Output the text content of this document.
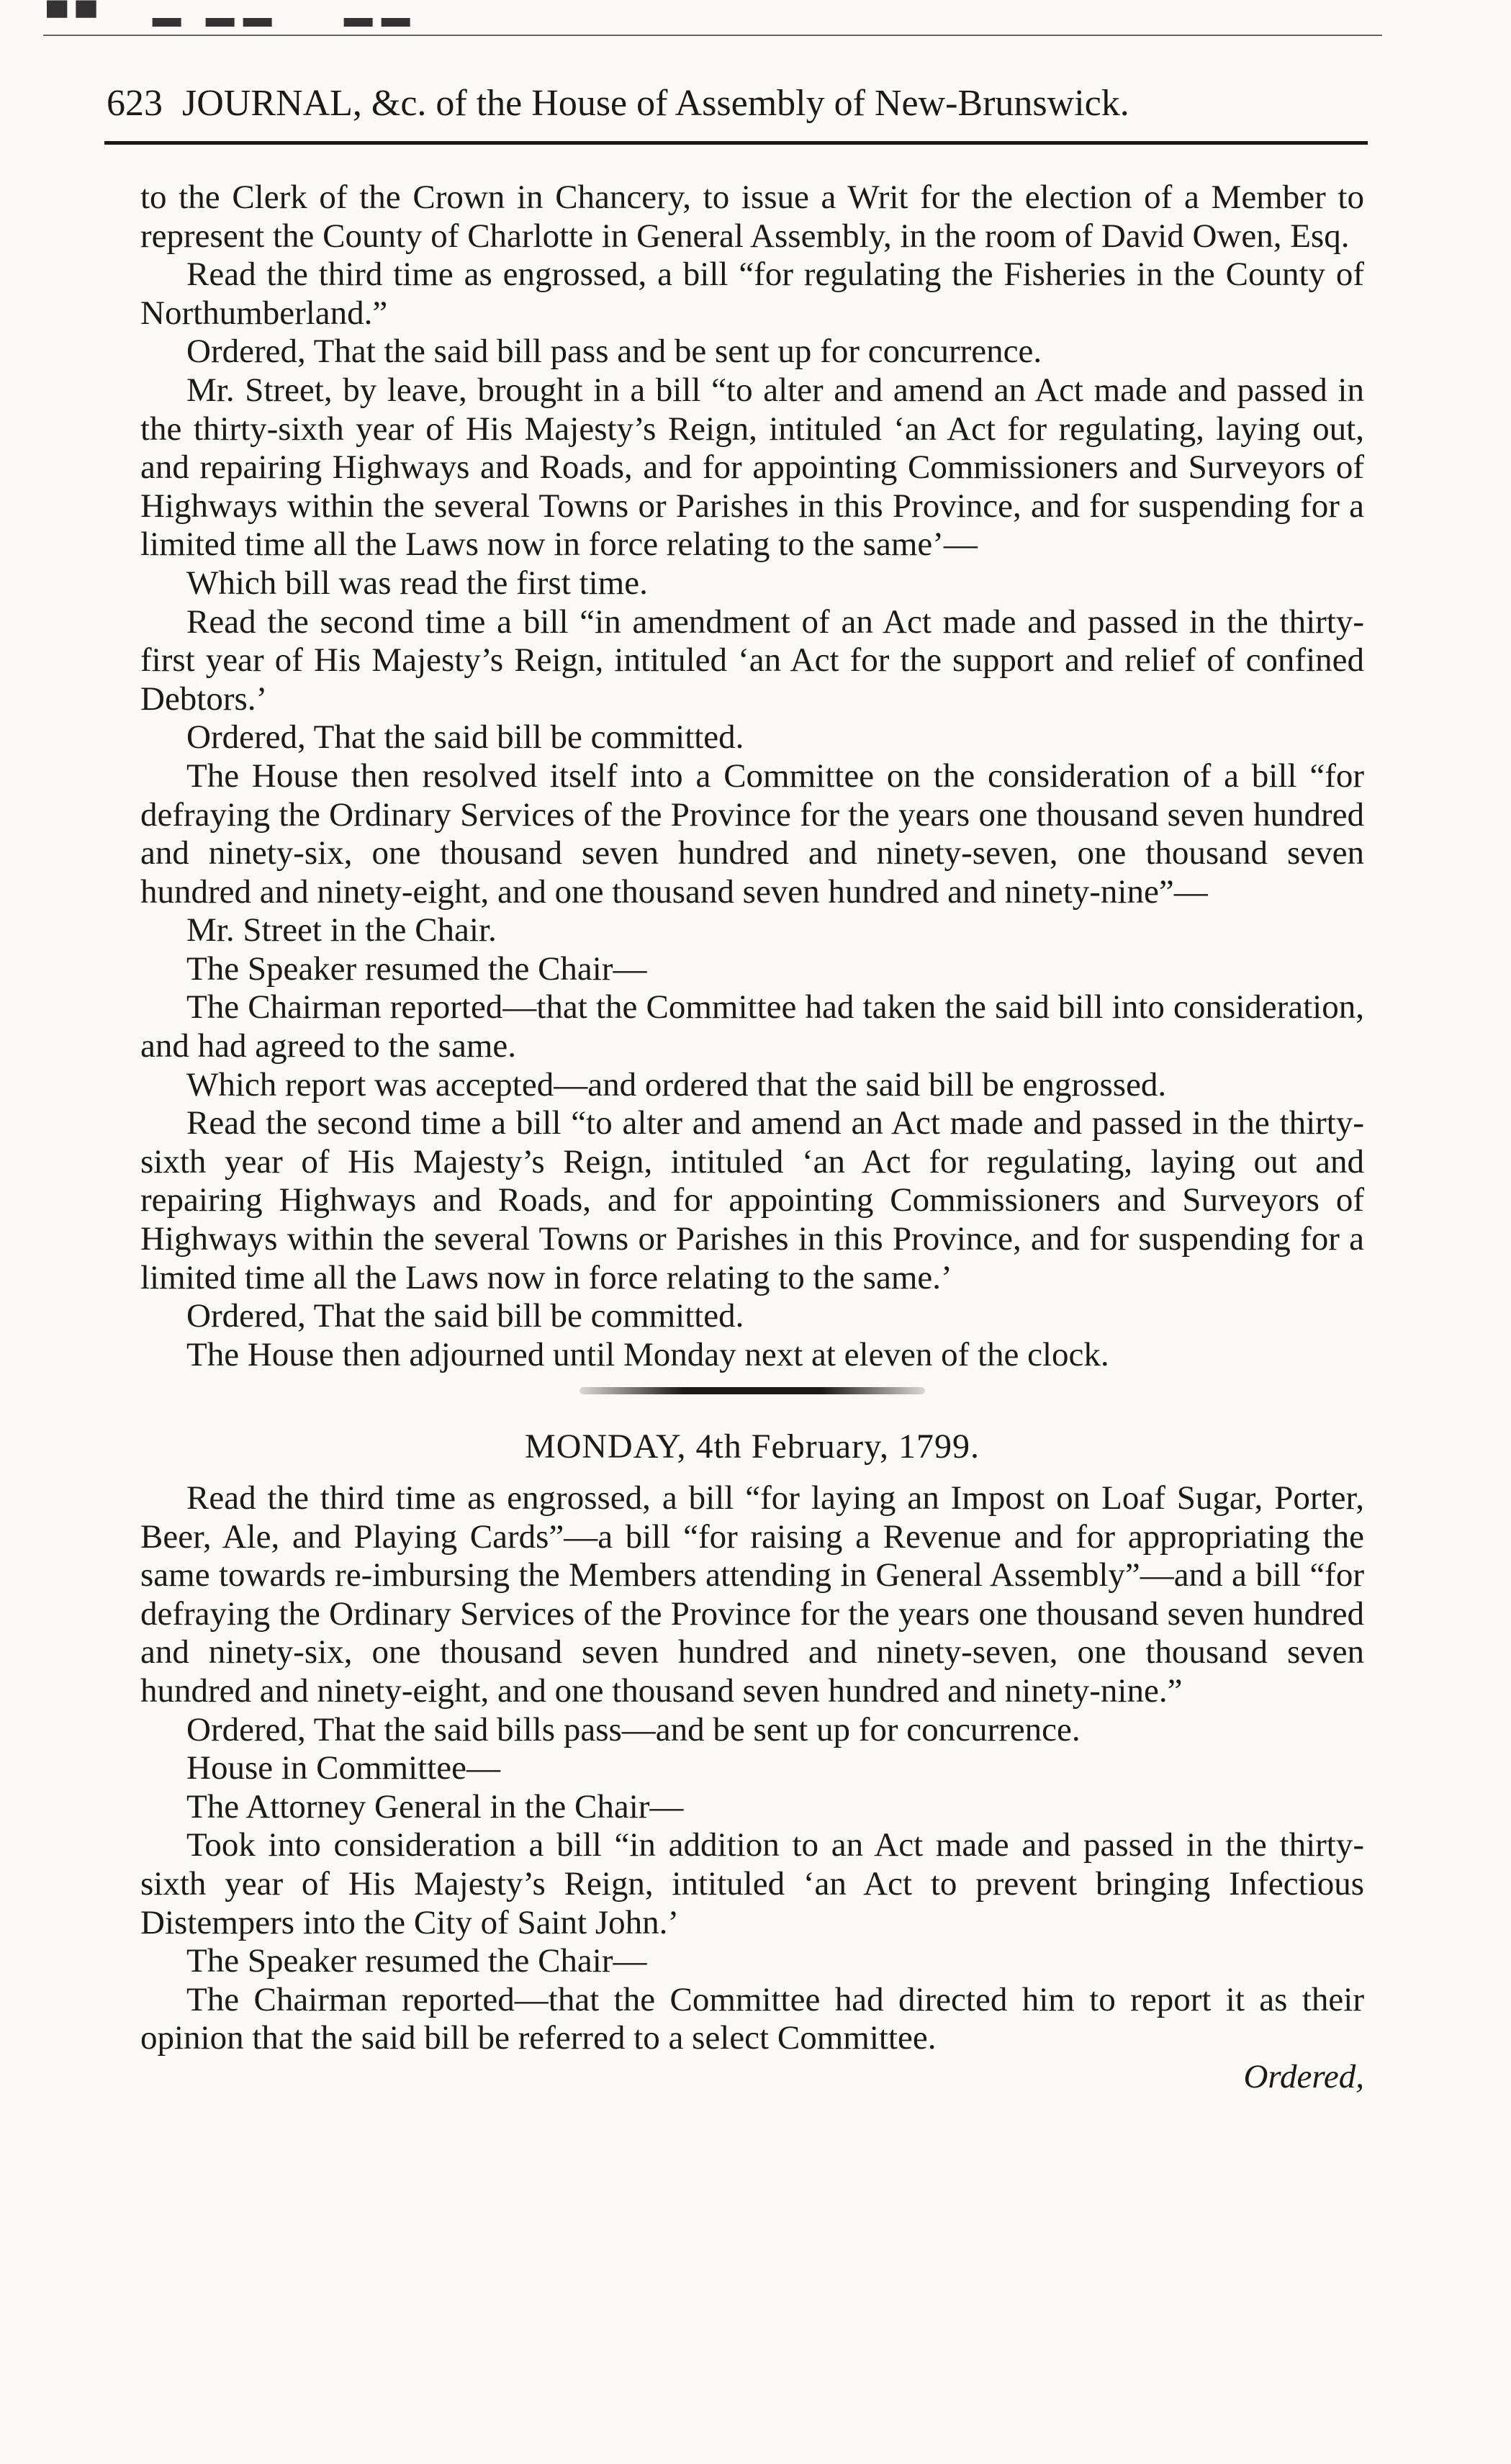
▀▀   ▬ ▬▬    ▬▬
623 JOURNAL, &c. of the House of Assembly of New-Brunswick.

to the Clerk of the Crown in Chancery, to issue a Writ for the election of a Member to represent the County of Charlotte in General Assembly, in the room of David Owen, Esq.

Read the third time as engrossed, a bill “for regulating the Fisheries in the County of Northumberland.”

Ordered, That the said bill pass and be sent up for concurrence.

Mr. Street, by leave, brought in a bill “to alter and amend an Act made and passed in the thirty-sixth year of His Majesty’s Reign, intituled ‘an Act for regulating, laying out, and repairing Highways and Roads, and for appointing Commissioners and Surveyors of Highways within the several Towns or Parishes in this Province, and for suspending for a limited time all the Laws now in force relating to the same’—

Which bill was read the first time.

Read the second time a bill “in amendment of an Act made and passed in the thirty-first year of His Majesty’s Reign, intituled ‘an Act for the support and relief of confined Debtors.’

Ordered, That the said bill be committed.

The House then resolved itself into a Committee on the consideration of a bill “for defraying the Ordinary Services of the Province for the years one thousand seven hundred and ninety-six, one thousand seven hundred and ninety-seven, one thousand seven hundred and ninety-eight, and one thousand seven hundred and ninety-nine”—

Mr. Street in the Chair.

The Speaker resumed the Chair—

The Chairman reported—that the Committee had taken the said bill into consideration, and had agreed to the same.

Which report was accepted—and ordered that the said bill be engrossed.

Read the second time a bill “to alter and amend an Act made and passed in the thirty-sixth year of His Majesty’s Reign, intituled ‘an Act for regulating, laying out and repairing Highways and Roads, and for appointing Commissioners and Surveyors of Highways within the several Towns or Parishes in this Province, and for suspending for a limited time all the Laws now in force relating to the same.’

Ordered, That the said bill be committed.

The House then adjourned until Monday next at eleven of the clock.

MONDAY, 4th February, 1799.

Read the third time as engrossed, a bill “for laying an Impost on Loaf Sugar, Porter, Beer, Ale, and Playing Cards”—a bill “for raising a Revenue and for appropriating the same towards re-imbursing the Members attending in General Assembly”—and a bill “for defraying the Ordinary Services of the Province for the years one thousand seven hundred and ninety-six, one thousand seven hundred and ninety-seven, one thousand seven hundred and ninety-eight, and one thousand seven hundred and ninety-nine.”

Ordered, That the said bills pass—and be sent up for concurrence.

House in Committee—

The Attorney General in the Chair—

Took into consideration a bill “in addition to an Act made and passed in the thirty-sixth year of His Majesty’s Reign, intituled ‘an Act to prevent bringing Infectious Distempers into the City of Saint John.’

The Speaker resumed the Chair—

The Chairman reported—that the Committee had directed him to report it as their opinion that the said bill be referred to a select Committee.

Ordered,
